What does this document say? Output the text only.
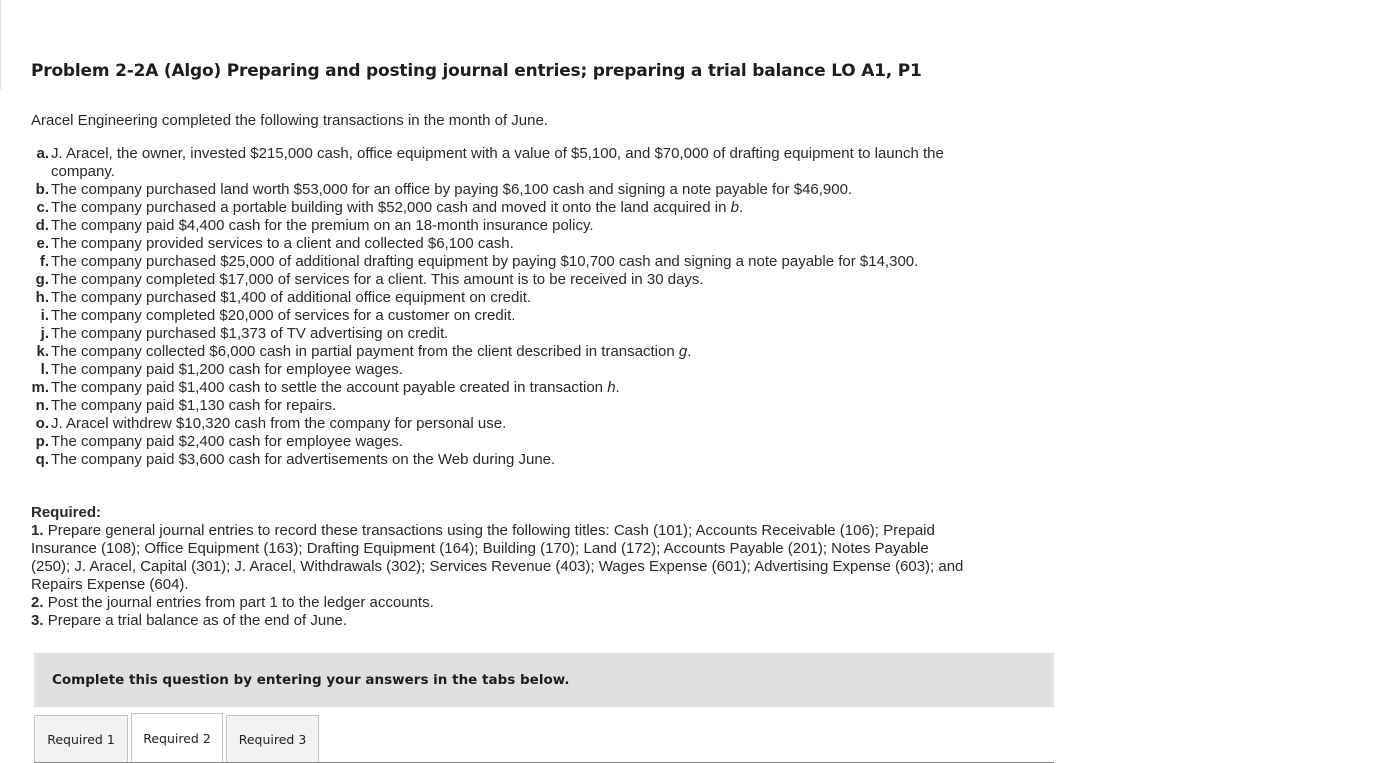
Problem 2-2A (Algo) Preparing and posting journal entries; preparing a trial balance LO A1, P1

Aracel Engineering completed the following transactions in the month of June.

a. J. Aracel, the owner, invested $215,000 cash, office equipment with a value of $5,100, and $70,000 of drafting equipment to launch the company.
b. The company purchased land worth $53,000 for an office by paying $6,100 cash and signing a note payable for $46,900.
c. The company purchased a portable building with $52,000 cash and moved it onto the land acquired in b.
d. The company paid $4,400 cash for the premium on an 18-month insurance policy.
e. The company provided services to a client and collected $6,100 cash.
f. The company purchased $25,000 of additional drafting equipment by paying $10,700 cash and signing a note payable for $14,300.
g. The company completed $17,000 of services for a client. This amount is to be received in 30 days.
h. The company purchased $1,400 of additional office equipment on credit.
i. The company completed $20,000 of services for a customer on credit.
j. The company purchased $1,373 of TV advertising on credit.
k. The company collected $6,000 cash in partial payment from the client described in transaction g.
l. The company paid $1,200 cash for employee wages.
m. The company paid $1,400 cash to settle the account payable created in transaction h.
n. The company paid $1,130 cash for repairs.
o. J. Aracel withdrew $10,320 cash from the company for personal use.
p. The company paid $2,400 cash for employee wages.
q. The company paid $3,600 cash for advertisements on the Web during June.
Required:
1. Prepare general journal entries to record these transactions using the following titles: Cash (101); Accounts Receivable (106); Prepaid Insurance (108); Office Equipment (163); Drafting Equipment (164); Building (170); Land (172); Accounts Payable (201); Notes Payable (250); J. Aracel, Capital (301); J. Aracel, Withdrawals (302); Services Revenue (403); Wages Expense (601); Advertising Expense (603); and Repairs Expense (604).
2. Post the journal entries from part 1 to the ledger accounts.
3. Prepare a trial balance as of the end of June.
Complete this question by entering your answers in the tabs below.
Required 1	Required 2	Required 3
